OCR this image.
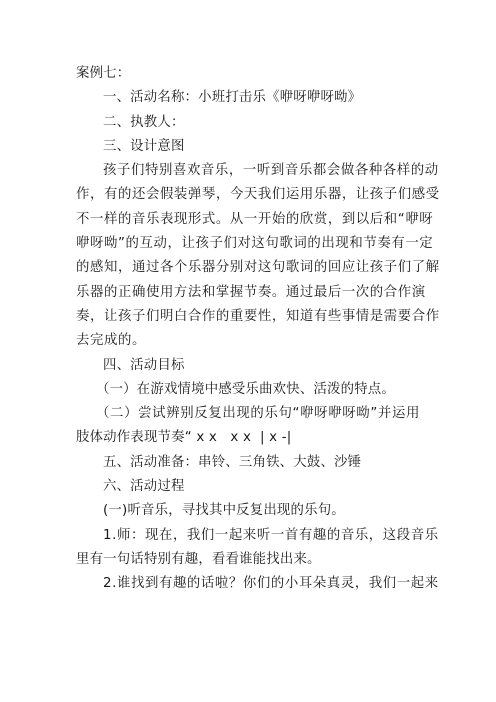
案例七：
一、活动名称：小班打击乐《咿呀咿呀呦》
二、执教人：
三、设计意图
孩子们特别喜欢音乐，一听到音乐都会做各种各样的动
作，有的还会假装弹琴，今天我们运用乐器，让孩子们感受
不一样的音乐表现形式。从一开始的欣赏，到以后和“咿呀
咿呀呦”的互动，让孩子们对这句歌词的出现和节奏有一定
的感知，通过各个乐器分别对这句歌词的回应让孩子们了解
乐器的正确使用方法和掌握节奏。通过最后一次的合作演
奏，让孩子们明白合作的重要性，知道有些事情是需要合作
去完成的。
四、活动目标
（一）在游戏情境中感受乐曲欢快、活泼的特点。
（二）尝试辨别反复出现的乐句“咿呀咿呀呦”并运用
肢体动作表现节奏“ x x   x x  | x -|
五、活动准备：串铃、三角铁、大鼓、沙锤
六、活动过程
(一)听音乐，寻找其中反复出现的乐句。
1.师：现在，我们一起来听一首有趣的音乐，这段音乐
里有一句话特别有趣，看看谁能找出来。
2.谁找到有趣的话啦？你们的小耳朵真灵，我们一起来
